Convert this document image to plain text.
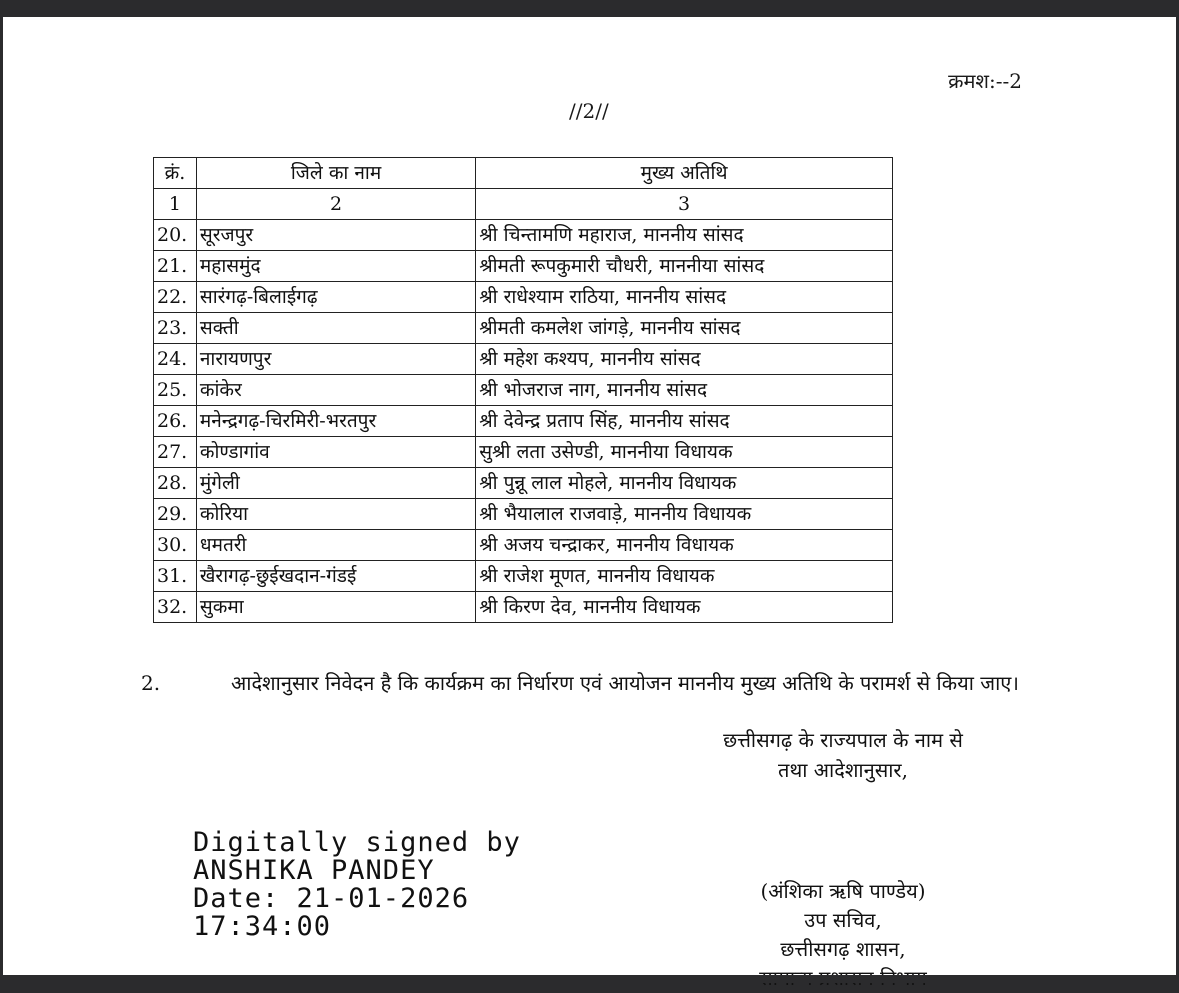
क्रमश:--2
//2//
क्रं.	जिले का नाम	मुख्य अतिथि
1	2	3
20.	सूरजपुर	श्री चिन्तामणि महाराज, माननीय सांसद
21.	महासमुंद	श्रीमती रूपकुमारी चौधरी, माननीया सांसद
22.	सारंगढ़-बिलाईगढ़	श्री राधेश्याम राठिया, माननीय सांसद
23.	सक्ती	श्रीमती कमलेश जांगड़े, माननीय सांसद
24.	नारायणपुर	श्री महेश कश्यप, माननीय सांसद
25.	कांकेर	श्री भोजराज नाग, माननीय सांसद
26.	मनेन्द्रगढ़-चिरमिरी-भरतपुर	श्री देवेन्द्र प्रताप सिंह, माननीय सांसद
27.	कोण्डागांव	सुश्री लता उसेण्डी, माननीया विधायक
28.	मुंगेली	श्री पुन्नू लाल मोहले, माननीय विधायक
29.	कोरिया	श्री भैयालाल राजवाड़े, माननीय विधायक
30.	धमतरी	श्री अजय चन्द्राकर, माननीय विधायक
31.	खैरागढ़-छुईखदान-गंडई	श्री राजेश मूणत, माननीय विधायक
32.	सुकमा	श्री किरण देव, माननीय विधायक
2.	आदेशानुसार निवेदन है कि कार्यक्रम का निर्धारण एवं आयोजन माननीय मुख्य अतिथि के परामर्श से किया जाए।
छत्तीसगढ़ के राज्यपाल के नाम से
तथा आदेशानुसार,
Digitally signed by
ANSHIKA PANDEY
Date: 21-01-2026
17:34:00
(अंशिका ऋषि पाण्डेय)
उप सचिव,
छत्तीसगढ़ शासन,
